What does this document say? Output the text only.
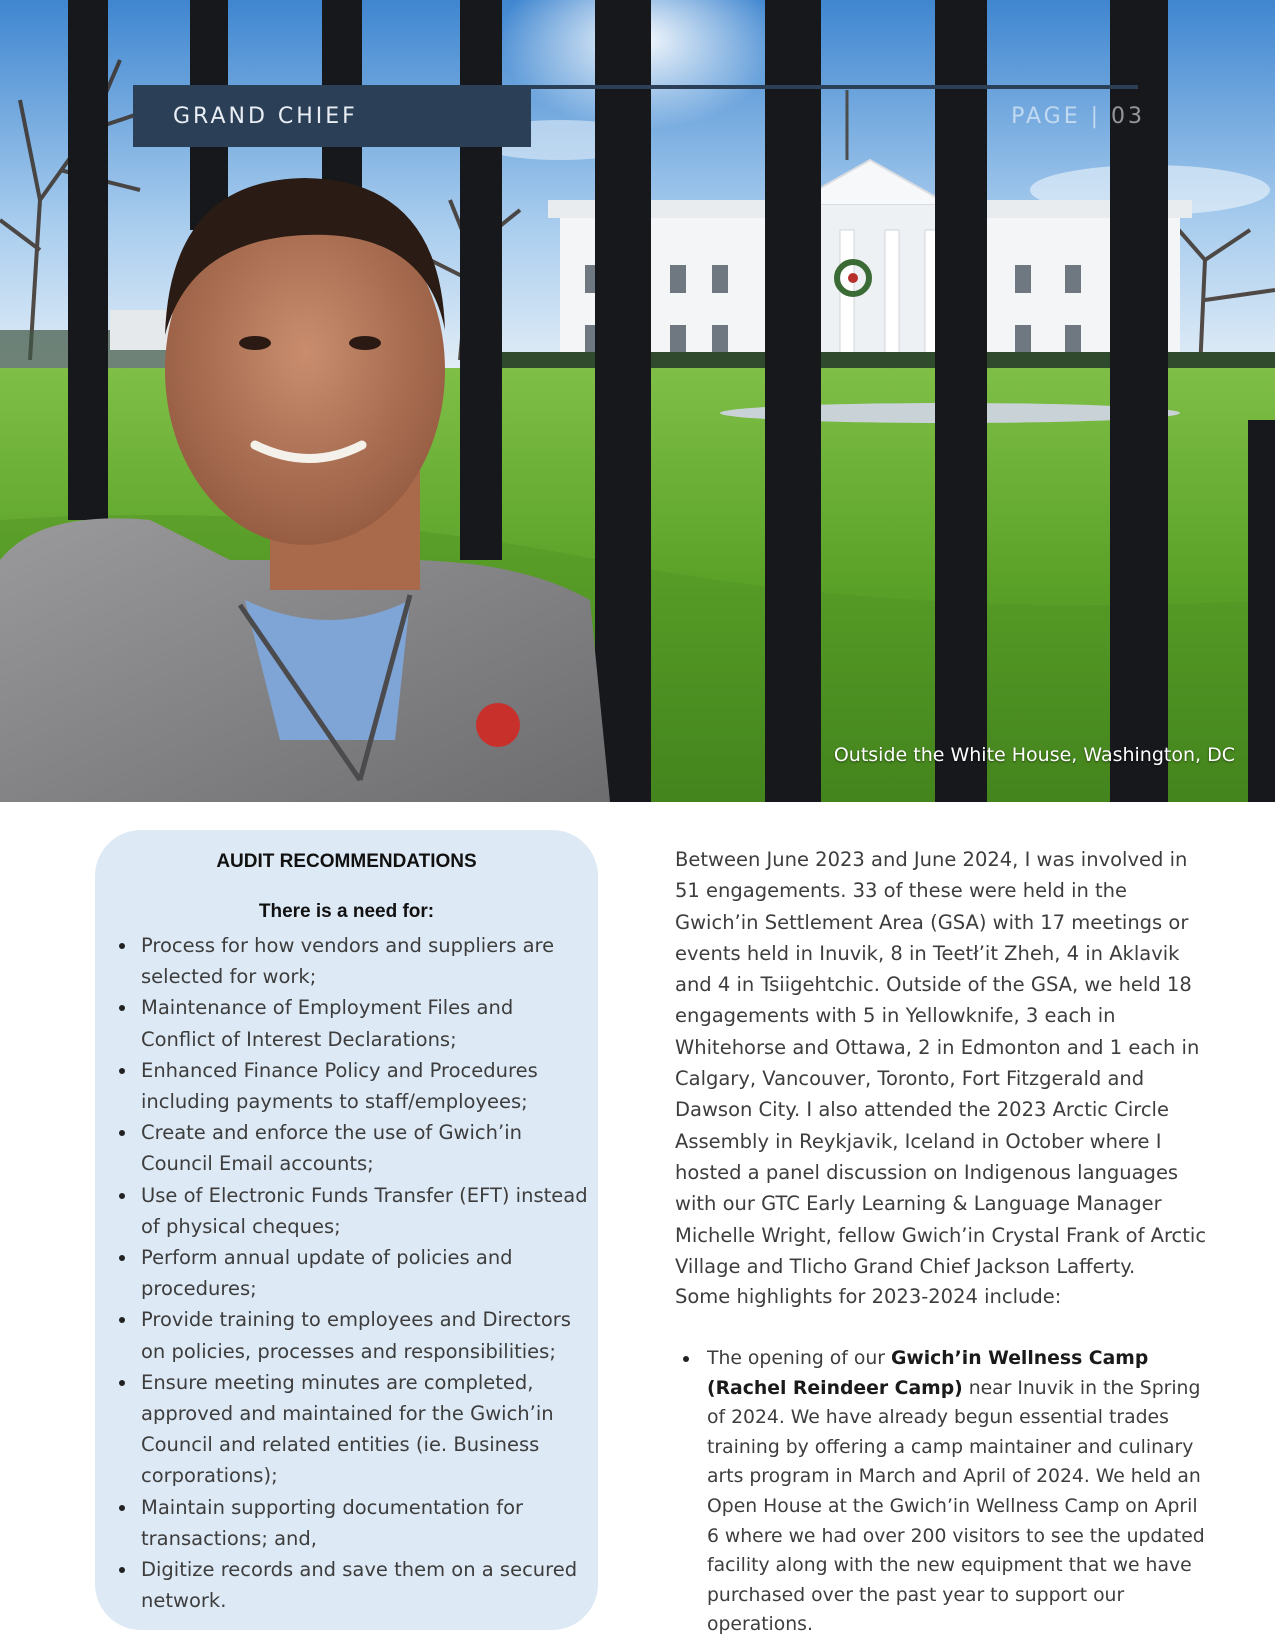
GRAND CHIEF	PAGE | 03
Outside the White House, Washington, DC
AUDIT RECOMMENDATIONS
There is a need for:
Process for how vendors and suppliers are selected for work;
Maintenance of Employment Files and Conflict of Interest Declarations;
Enhanced Finance Policy and Procedures including payments to staff/employees;
Create and enforce the use of Gwich’in Council Email accounts;
Use of Electronic Funds Transfer (EFT) instead of physical cheques;
Perform annual update of policies and procedures;
Provide training to employees and Directors on policies, processes and responsibilities;
Ensure meeting minutes are completed, approved and maintained for the Gwich’in Council and related entities (ie. Business corporations);
Maintain supporting documentation for transactions; and,
Digitize records and save them on a secured network.

Between June 2023 and June 2024, I was involved in 51 engagements. 33 of these were held in the Gwich’in Settlement Area (GSA) with 17 meetings or events held in Inuvik, 8 in Teetł’it Zheh, 4 in Aklavik and 4 in Tsiigehtchic. Outside of the GSA, we held 18 engagements with 5 in Yellowknife, 3 each in Whitehorse and Ottawa, 2 in Edmonton and 1 each in Calgary, Vancouver, Toronto, Fort Fitzgerald and Dawson City. I also attended the 2023 Arctic Circle Assembly in Reykjavik, Iceland in October where I hosted a panel discussion on Indigenous languages with our GTC Early Learning & Language Manager Michelle Wright, fellow Gwich’in Crystal Frank of Arctic Village and Tlicho Grand Chief Jackson Lafferty.

Some highlights for 2023-2024 include:

The opening of our Gwich’in Wellness Camp (Rachel Reindeer Camp) near Inuvik in the Spring of 2024. We have already begun essential trades training by offering a camp maintainer and culinary arts program in March and April of 2024. We held an Open House at the Gwich’in Wellness Camp on April 6 where we had over 200 visitors to see the updated facility along with the new equipment that we have purchased over the past year to support our operations.
